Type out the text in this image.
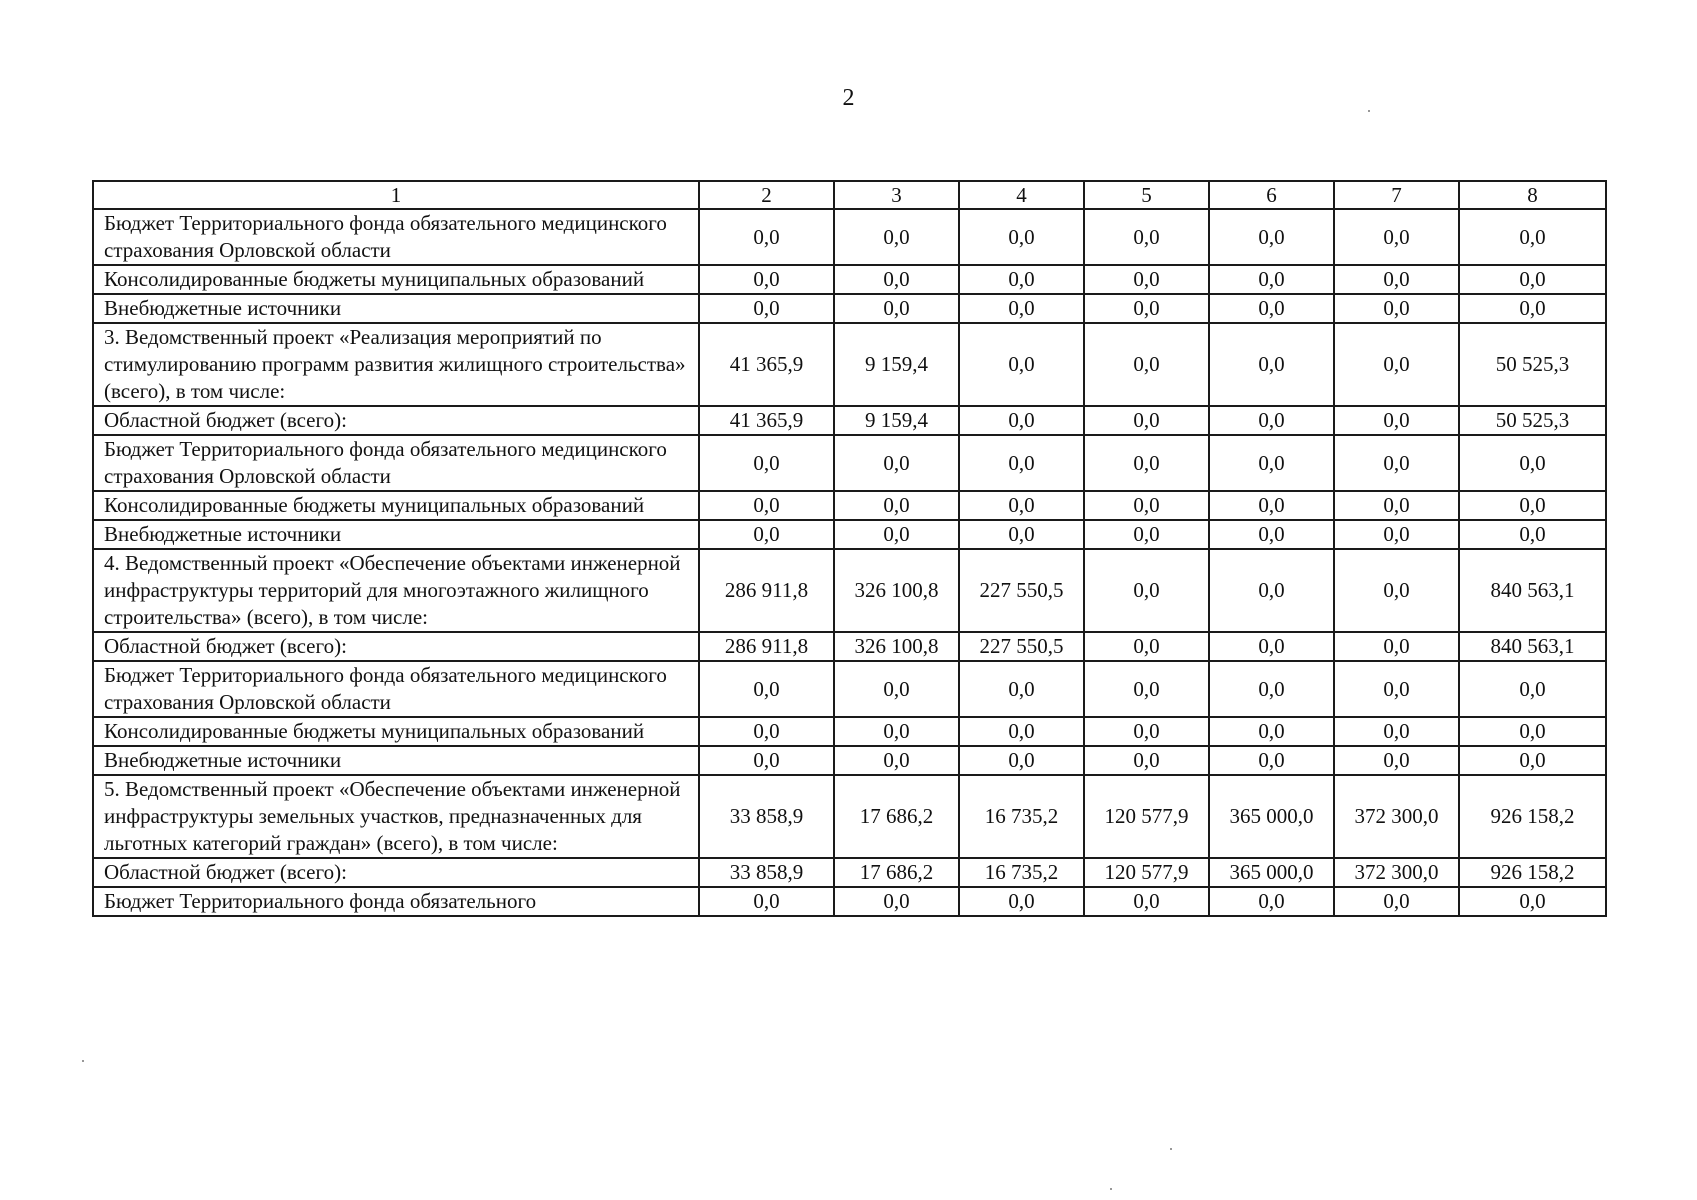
2
1	2	3	4	5	6	7	8
Бюджет Территориального фонда обязательного медицинского страхования Орловской области	0,0	0,0	0,0	0,0	0,0	0,0	0,0
Консолидированные бюджеты муниципальных образований	0,0	0,0	0,0	0,0	0,0	0,0	0,0
Внебюджетные источники	0,0	0,0	0,0	0,0	0,0	0,0	0,0
3. Ведомственный проект «Реализация мероприятий по стимулированию программ развития жилищного строительства» (всего), в том числе:	41 365,9	9 159,4	0,0	0,0	0,0	0,0	50 525,3
Областной бюджет (всего):	41 365,9	9 159,4	0,0	0,0	0,0	0,0	50 525,3
Бюджет Территориального фонда обязательного медицинского страхования Орловской области	0,0	0,0	0,0	0,0	0,0	0,0	0,0
Консолидированные бюджеты муниципальных образований	0,0	0,0	0,0	0,0	0,0	0,0	0,0
Внебюджетные источники	0,0	0,0	0,0	0,0	0,0	0,0	0,0
4. Ведомственный проект «Обеспечение объектами инженерной инфраструктуры территорий для многоэтажного жилищного строительства» (всего), в том числе:	286 911,8	326 100,8	227 550,5	0,0	0,0	0,0	840 563,1
Областной бюджет (всего):	286 911,8	326 100,8	227 550,5	0,0	0,0	0,0	840 563,1
Бюджет Территориального фонда обязательного медицинского страхования Орловской области	0,0	0,0	0,0	0,0	0,0	0,0	0,0
Консолидированные бюджеты муниципальных образований	0,0	0,0	0,0	0,0	0,0	0,0	0,0
Внебюджетные источники	0,0	0,0	0,0	0,0	0,0	0,0	0,0
5. Ведомственный проект «Обеспечение объектами инженерной инфраструктуры земельных участков, предназначенных для льготных категорий граждан» (всего), в том числе:	33 858,9	17 686,2	16 735,2	120 577,9	365 000,0	372 300,0	926 158,2
Областной бюджет (всего):	33 858,9	17 686,2	16 735,2	120 577,9	365 000,0	372 300,0	926 158,2
Бюджет Территориального фонда обязательного	0,0	0,0	0,0	0,0	0,0	0,0	0,0
